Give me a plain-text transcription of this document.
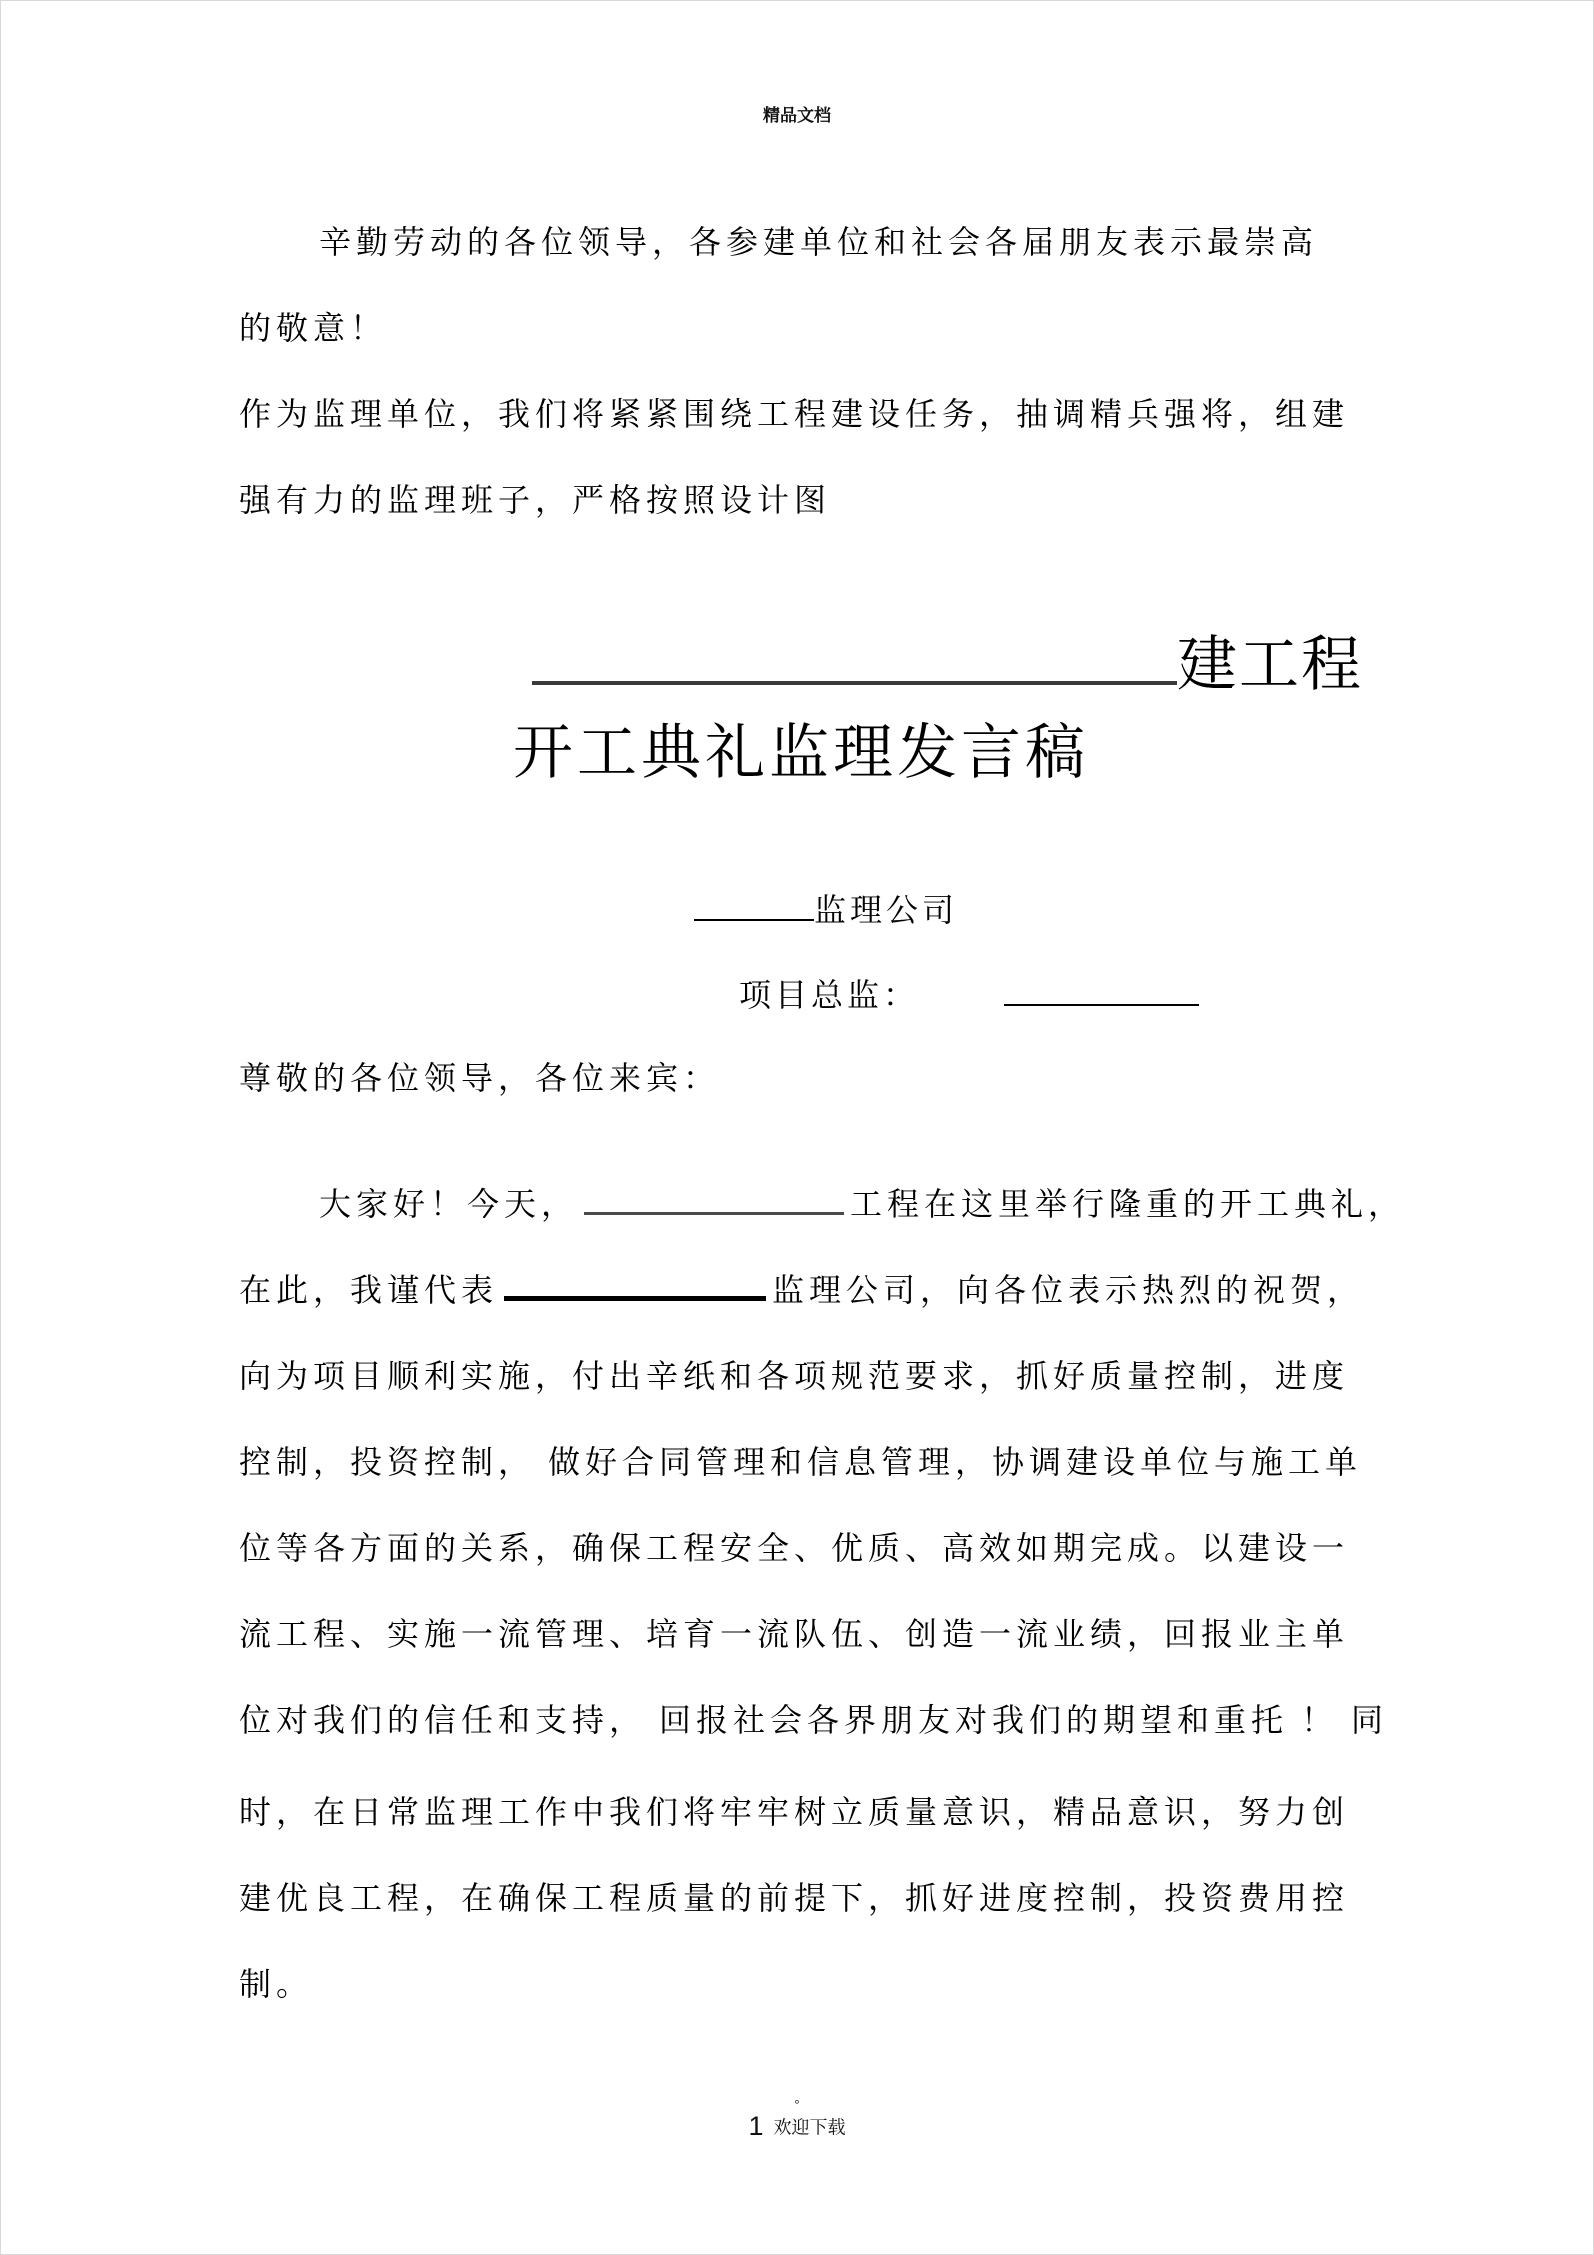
精品文档
辛勤劳动的各位领导，各参建单位和社会各届朋友表示最崇高
的敬意！
作为监理单位，我们将紧紧围绕工程建设任务，抽调精兵强将，组建
强有力的监理班子，严格按照设计图
建工程
开工典礼监理发言稿
监理公司
项目总监：
尊敬的各位领导，各位来宾：
大家好！今天，	工程在这里举行隆重的开工典礼，
在此，我谨代表	监理公司，向各位表示热烈的祝贺，
向为项目顺利实施，付出辛纸和各项规范要求，抓好质量控制，进度
控制，投资控制， 做好合同管理和信息管理，协调建设单位与施工单
位等各方面的关系，确保工程安全、优质、高效如期完成。以建设一
流工程、实施一流管理、培育一流队伍、创造一流业绩，回报业主单
位对我们的信任和支持， 回报社会各界朋友对我们的期望和重托 ！ 同
时，在日常监理工作中我们将牢牢树立质量意识，精品意识，努力创
建优良工程，在确保工程质量的前提下，抓好进度控制，投资费用控
制。
°
1 欢迎下载
